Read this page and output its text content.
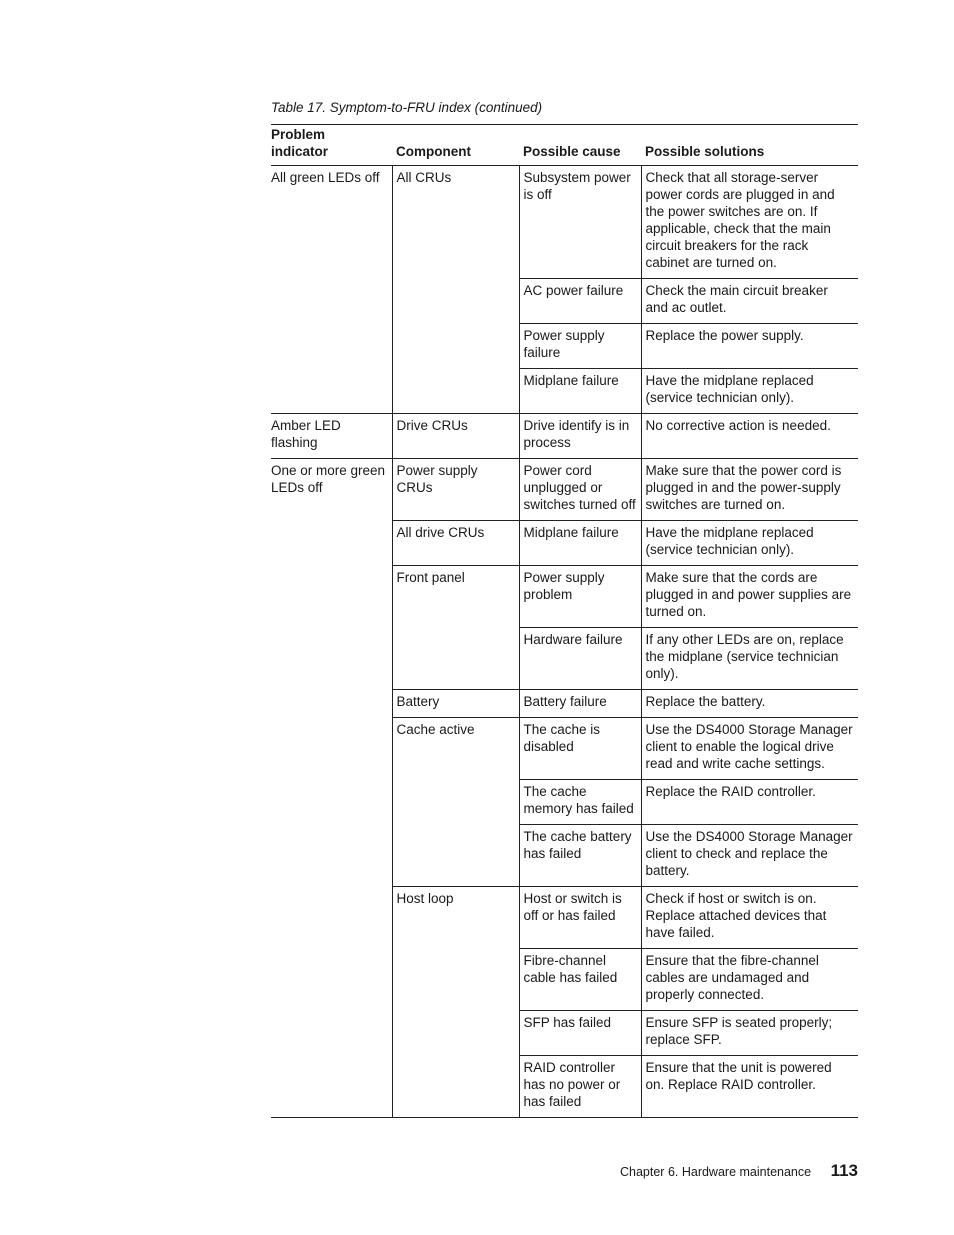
Table 17. Symptom-to-FRU index (continued)
Problem indicator	Component	Possible cause	Possible solutions
All green LEDs off	All CRUs	Subsystem power is off	Check that all storage-server power cords are plugged in and the power switches are on. If applicable, check that the main circuit breakers for the rack cabinet are turned on.
		AC power failure	Check the main circuit breaker and ac outlet.
		Power supply failure	Replace the power supply.
		Midplane failure	Have the midplane replaced (service technician only).
Amber LED flashing	Drive CRUs	Drive identify is in process	No corrective action is needed.
One or more green LEDs off	Power supply CRUs	Power cord unplugged or switches turned off	Make sure that the power cord is plugged in and the power-supply switches are turned on.
	All drive CRUs	Midplane failure	Have the midplane replaced (service technician only).
	Front panel	Power supply problem	Make sure that the cords are plugged in and power supplies are turned on.
		Hardware failure	If any other LEDs are on, replace the midplane (service technician only).
	Battery	Battery failure	Replace the battery.
	Cache active	The cache is disabled	Use the DS4000 Storage Manager client to enable the logical drive read and write cache settings.
		The cache memory has failed	Replace the RAID controller.
		The cache battery has failed	Use the DS4000 Storage Manager client to check and replace the battery.
	Host loop	Host or switch is off or has failed	Check if host or switch is on. Replace attached devices that have failed.
		Fibre-channel cable has failed	Ensure that the fibre-channel cables are undamaged and properly connected.
		SFP has failed	Ensure SFP is seated properly; replace SFP.
		RAID controller has no power or has failed	Ensure that the unit is powered on. Replace RAID controller.
Chapter 6. Hardware maintenance 113
